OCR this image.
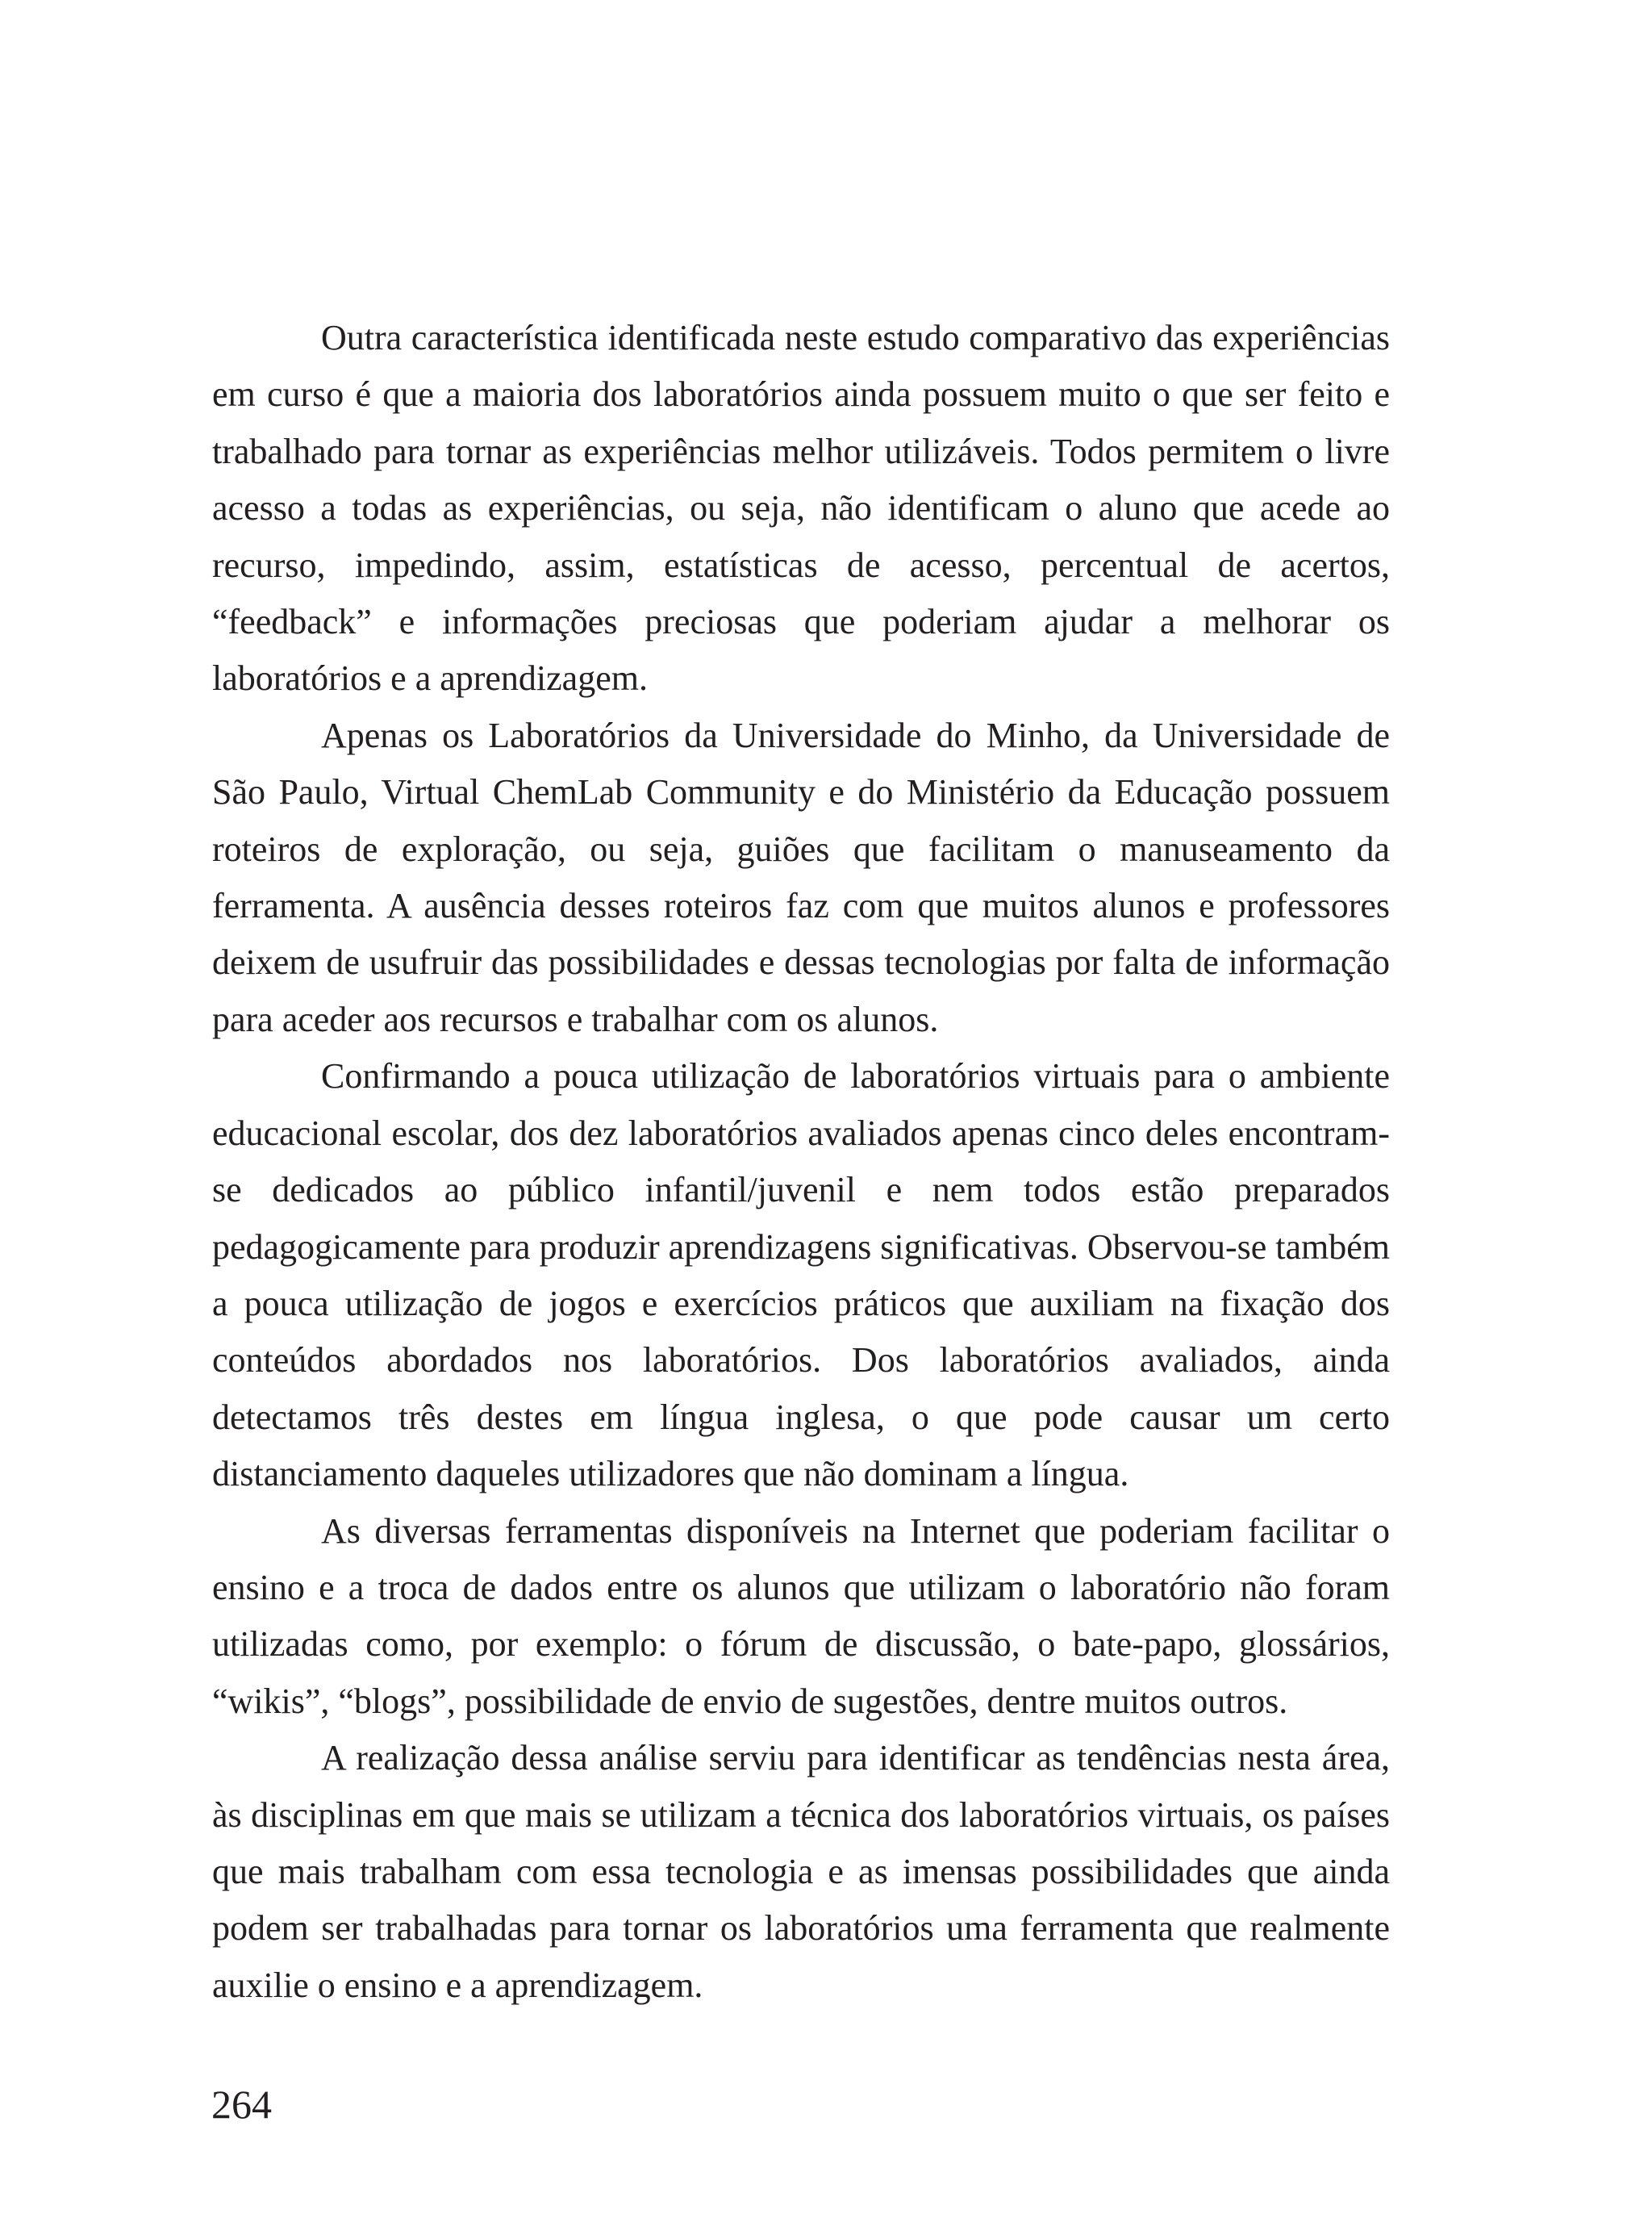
Outra característica identificada neste estudo comparativo das experiências em curso é que a maioria dos laboratórios ainda possuem muito o que ser feito e trabalhado para tornar as experiências melhor utilizáveis. Todos permitem o livre acesso a todas as experiências, ou seja, não identificam o aluno que acede ao recurso, impedindo, assim, estatísticas de acesso, percentual de acertos, “feedback” e informações preciosas que poderiam ajudar a melhorar os laboratórios e a aprendizagem.

Apenas os Laboratórios da Universidade do Minho, da Universidade de São Paulo, Virtual ChemLab Community e do Ministério da Educação possuem roteiros de exploração, ou seja, guiões que facilitam o manuseamento da ferramenta. A ausência desses roteiros faz com que muitos alunos e professores deixem de usufruir das possibilidades e dessas tecnologias por falta de informação para aceder aos recursos e trabalhar com os alunos.

Confirmando a pouca utilização de laboratórios virtuais para o ambiente educacional escolar, dos dez laboratórios avaliados apenas cinco deles encontram-se dedicados ao público infantil/juvenil e nem todos estão preparados pedagogicamente para produzir aprendizagens significativas. Observou-se também a pouca utilização de jogos e exercícios práticos que auxiliam na fixação dos conteúdos abordados nos laboratórios. Dos laboratórios avaliados, ainda detectamos três destes em língua inglesa, o que pode causar um certo distanciamento daqueles utilizadores que não dominam a língua.

As diversas ferramentas disponíveis na Internet que poderiam facilitar o ensino e a troca de dados entre os alunos que utilizam o laboratório não foram utilizadas como, por exemplo: o fórum de discussão, o bate-papo, glossários, “wikis”, “blogs”, possibilidade de envio de sugestões, dentre muitos outros.

A realização dessa análise serviu para identificar as tendências nesta área, às disciplinas em que mais se utilizam a técnica dos laboratórios virtuais, os países que mais trabalham com essa tecnologia e as imensas possibilidades que ainda podem ser trabalhadas para tornar os laboratórios uma ferramenta que realmente auxilie o ensino e a aprendizagem.

264
